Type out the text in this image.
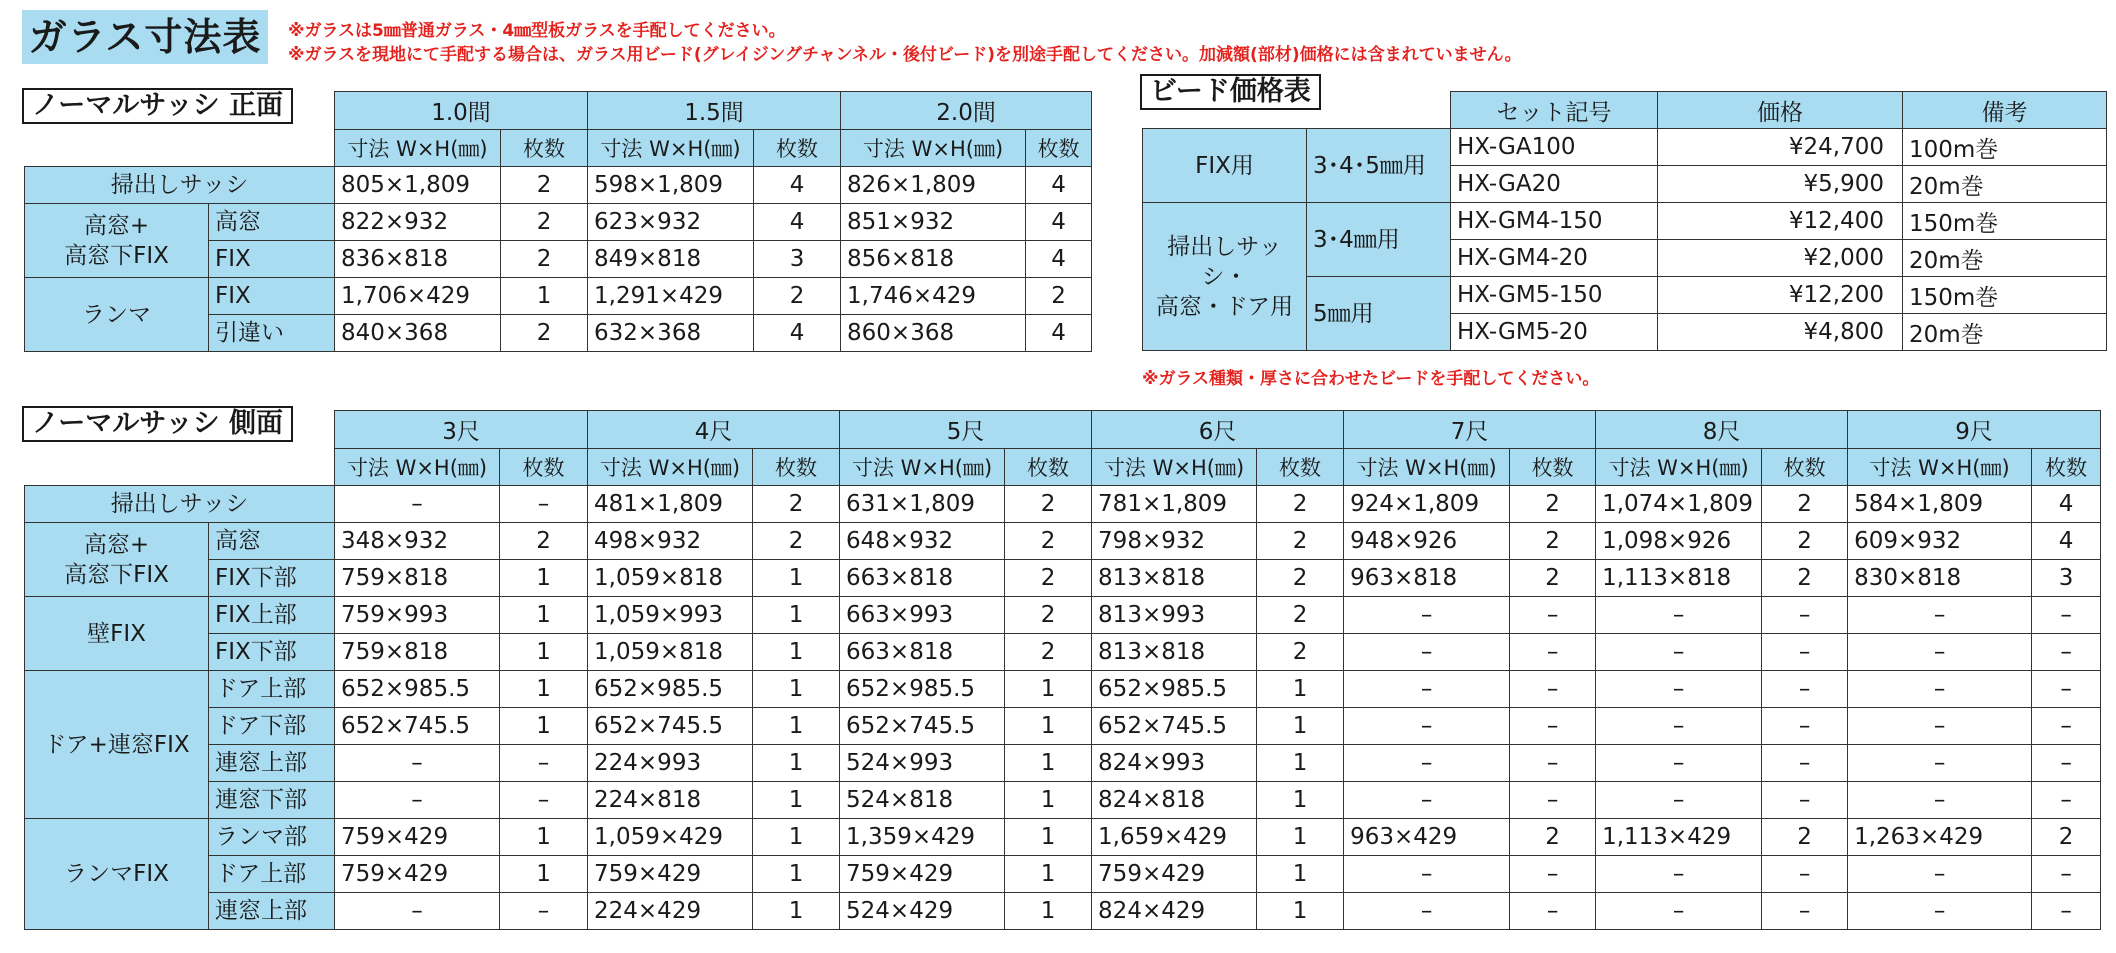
ガラス寸法表	※ガラスは5㎜普通ガラス・4㎜型板ガラスを手配してください。
※ガラスを現地にて手配する場合は、ガラス用ビード(グレイジングチャンネル・後付ビード)を別途手配してください。加減額(部材)価格には含まれていません。
ノーマルサッシ 正面	ビード価格表
ノーマルサッシ 側面
※ガラス種類・厚さに合わせたビードを手配してください。
		1.0間		1.5間		2.0間	
		寸法 W×H(㎜)	枚数	寸法 W×H(㎜)	枚数	寸法 W×H(㎜)	枚数
掃出しサッシ		805×1,809	2	598×1,809	4	826×1,809	4
高窓+
高窓下FIX	高窓	822×932	2	623×932	4	851×932	4
	FIX	836×818	2	849×818	3	856×818	4
ランマ	FIX	1,706×429	1	1,291×429	2	1,746×429	2
	引違い	840×368	2	632×368	4	860×368	4
		セット記号	価格	備考
FIX用	3･4･5㎜用	HX-GA100	¥24,700	100m巻
		HX-GA20	¥5,900	20m巻
掃出しサッシ・
高窓・ドア用	3･4㎜用	HX-GM4-150	¥12,400	150m巻
		HX-GM4-20	¥2,000	20m巻
	5㎜用	HX-GM5-150	¥12,200	150m巻
		HX-GM5-20	¥4,800	20m巻
		3尺		4尺		5尺		6尺		7尺		8尺		9尺	
		寸法 W×H(㎜)	枚数	寸法 W×H(㎜)	枚数	寸法 W×H(㎜)	枚数	寸法 W×H(㎜)	枚数	寸法 W×H(㎜)	枚数	寸法 W×H(㎜)	枚数	寸法 W×H(㎜)	枚数
掃出しサッシ		–	–	481×1,809	2	631×1,809	2	781×1,809	2	924×1,809	2	1,074×1,809	2	584×1,809	4
高窓+
高窓下FIX	高窓	348×932	2	498×932	2	648×932	2	798×932	2	948×926	2	1,098×926	2	609×932	4
	FIX下部	759×818	1	1,059×818	1	663×818	2	813×818	2	963×818	2	1,113×818	2	830×818	3
壁FIX	FIX上部	759×993	1	1,059×993	1	663×993	2	813×993	2	–	–	–	–	–	–
	FIX下部	759×818	1	1,059×818	1	663×818	2	813×818	2	–	–	–	–	–	–
ドア+連窓FIX	ドア上部	652×985.5	1	652×985.5	1	652×985.5	1	652×985.5	1	–	–	–	–	–	–
	ドア下部	652×745.5	1	652×745.5	1	652×745.5	1	652×745.5	1	–	–	–	–	–	–
	連窓上部	–	–	224×993	1	524×993	1	824×993	1	–	–	–	–	–	–
	連窓下部	–	–	224×818	1	524×818	1	824×818	1	–	–	–	–	–	–
ランマFIX	ランマ部	759×429	1	1,059×429	1	1,359×429	1	1,659×429	1	963×429	2	1,113×429	2	1,263×429	2
	ドア上部	759×429	1	759×429	1	759×429	1	759×429	1	–	–	–	–	–	–
	連窓上部	–	–	224×429	1	524×429	1	824×429	1	–	–	–	–	–	–
